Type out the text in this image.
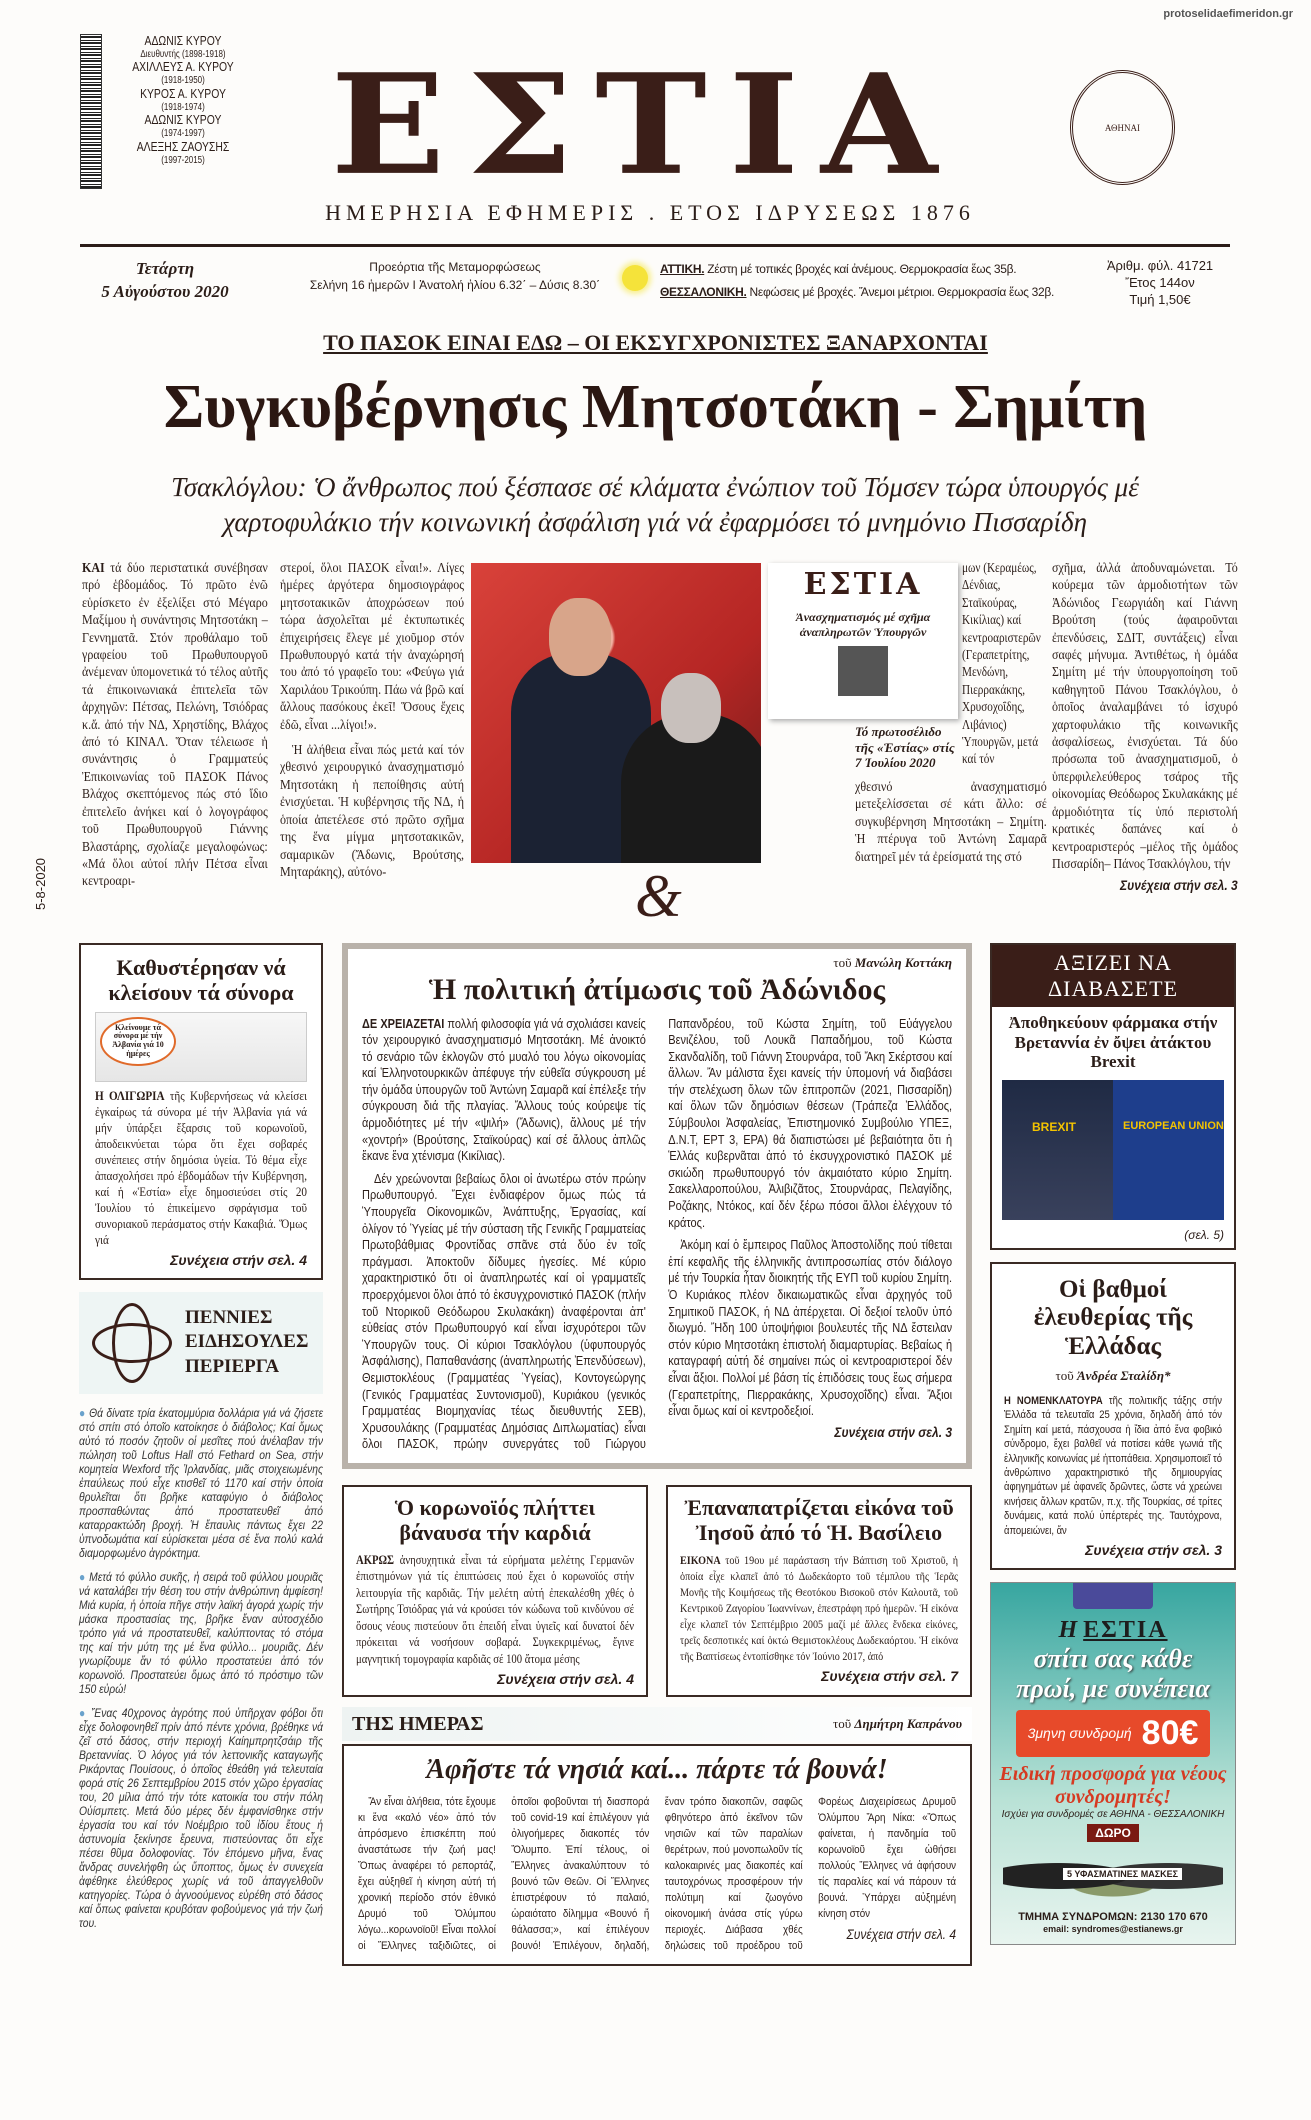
protoselidaefimeridon.gr
ΑΔΩΝΙΣ ΚΥΡΟΥ
Διευθυντής (1898-1918)
ΑΧΙΛΛΕΥΣ Α. ΚΥΡΟΥ
(1918-1950)
ΚΥΡΟΣ Α. ΚΥΡΟΥ
(1918-1974)
ΑΔΩΝΙΣ ΚΥΡΟΥ
(1974-1997)
ΑΛΕΞΗΣ ΖΑΟΥΣΗΣ
(1997-2015) ΕΣΤΙΑ	ΑΘΗΝΑΙ
ΗΜΕΡΗΣΙΑ ΕΦΗΜΕΡΙΣ . ΕΤΟΣ ΙΔΡΥΣΕΩΣ 1876
Τετάρτη
5 Αὐγούστου 2020
Προεόρτια τῆς Μεταμορφώσεως
Σελήνη 16 ἡμερῶν Ι Ἀνατολή ἡλίου 6.32΄ – Δύσις 8.30΄
ΑΤΤΙΚΗ. Ζέστη μέ τοπικές βροχές καί ἀνέμους. Θερμοκρασία ἕως 35β.
ΘΕΣΣΑΛΟΝΙΚΗ. Νεφώσεις μέ βροχές. Ἄνεμοι μέτριοι. Θερμοκρασία ἕως 32β.
Ἀριθμ. φύλ. 41721
Ἔτος 144ον
Τιμή 1,50€
ΤΟ ΠΑΣΟΚ ΕΙΝΑΙ ΕΔΩ – ΟΙ ΕΚΣΥΓΧΡΟΝΙΣΤΕΣ ΞΑΝΑΡΧΟΝΤΑΙ
Συγκυβέρνησις Μητσοτάκη - Σημίτη
Τσακλόγλου: Ὁ ἄνθρωπος πού ξέσπασε σέ κλάματα ἐνώπιον τοῦ Τόμσεν τώρα ὑπουργός μέ χαρτοφυλάκιο τήν κοινωνική ἀσφάλιση γιά νά ἐφαρμόσει τό μνημόνιο Πισσαρίδη
ΚΑΙ τά δύο περιστατικά συνέβησαν πρό ἑβδομάδος. Τό πρῶτο ἐνῶ εὑρίσκετο ἐν ἐξελίξει στό Μέγαρο Μαξίμου ἡ συνάντησις Μητσοτάκη – Γεννηματᾶ. Στόν προθάλαμο τοῦ γραφείου τοῦ Πρωθυπουργοῦ ἀνέμεναν ὑπομονετικά τό τέλος αὐτῆς τά ἐπικοινωνιακά ἐπιτελεῖα τῶν ἀρχηγῶν: Πέτσας, Πελώνη, Τσιόδρας κ.ἄ. ἀπό τήν ΝΔ, Χρηστίδης, Βλάχος ἀπό τό ΚΙΝΑΛ. Ὅταν τέλειωσε ἡ συνάντησις ὁ Γραμματεύς Ἐπικοινωνίας τοῦ ΠΑΣΟΚ Πάνος Βλάχος σκεπτόμενος πώς στό ἴδιο ἐπιτελεῖο ἀνήκει καί ὁ λογογράφος τοῦ Πρωθυπουργοῦ Γιάννης Βλαστάρης, σχολίαζε μεγαλοφώνως: «Μά ὅλοι αὐτοί πλήν Πέτσα εἶναι κεντροαρι-

στεροί, ὅλοι ΠΑΣΟΚ εἶναι!». Λίγες ἡμέρες ἀργότερα δημοσιογράφος μητσοτακικῶν ἀποχρώσεων πού τώρα ἀσχολεῖται μέ ἐκτυπωτικές ἐπιχειρήσεις ἔλεγε μέ χιοῦμορ στόν Πρωθυπουργό κατά τήν ἀναχώρησή του ἀπό τό γραφεῖο του: «Φεύγω γιά Χαριλάου Τρικούπη. Πάω νά βρῶ καί ἄλλους πασόκους ἐκεῖ! Ὅσους ἔχεις ἐδῶ, εἶναι ...λίγοι!».

Ἡ ἀλήθεια εἶναι πώς μετά καί τόν χθεσινό χειρουργικό ἀνασχηματισμό Μητσοτάκη ἡ πεποίθησις αὐτή ἐνισχύεται. Ἡ κυβέρνησις τῆς ΝΔ, ἡ ὁποία ἀπετέλεσε στό πρῶτο σχῆμα της ἕνα μίγμα μητσοτακικῶν, σαμαρικῶν (Ἄδωνις, Βρούτσης, Μηταράκης), αὐτόνο-

ΕΣΤΙΑ
Ἀνασχηματισμός μέ σχῆμα ἀναπληρωτῶν Ὑπουργῶν
Τό πρωτοσέλιδο τῆς «Ἑστίας» στίς 7 Ἰουλίου 2020
μων (Κεραμέως, Δένδιας, Σταϊκούρας, Κικίλιας) καί κεντροαριστερῶν (Γεραπετρίτης, Μενδώνη, Πιερρακάκης, Χρυσοχοΐδης, Λιβάνιος) Ὑπουργῶν, μετά καί τόν
χθεσινό ἀνασχηματισμό μετεξελίσσεται σέ κάτι ἄλλο: σέ συγκυβέρνηση Μητσοτάκη – Σημίτη. Ἡ πτέρυγα τοῦ Ἀντώνη Σαμαρᾶ διατηρεῖ μέν τά ἐρείσματά της στό
σχῆμα, ἀλλά ἀποδυναμώνεται. Τό κούρεμα τῶν ἁρμοδιοτήτων τῶν Ἀδώνιδος Γεωργιάδη καί Γιάννη Βρούτση (τούς ἀφαιροῦνται ἐπενδύσεις, ΣΔΙΤ, συντάξεις) εἶναι σαφές μήνυμα. Ἀντιθέτως, ἡ ὁμάδα Σημίτη μέ τήν ὑπουργοποίηση τοῦ καθηγητοῦ Πάνου Τσακλόγλου, ὁ ὁποῖος ἀναλαμβάνει τό ἰσχυρό χαρτοφυλάκιο τῆς κοινωνικῆς ἀσφαλίσεως, ἐνισχύεται. Τά δύο πρόσωπα τοῦ ἀνασχηματισμοῦ, ὁ ὑπερφιλελεύθερος τσάρος τῆς οἰκονομίας Θεόδωρος Σκυλακάκης μέ ἁρμοδιότητα τίς ὑπό περιστολή κρατικές δαπάνες καί ὁ κεντροαριστερός –μέλος τῆς ὁμάδος Πισσαρίδη– Πάνος Τσακλόγλου, τήν
Συνέχεια στήν σελ. 3
&
5-8-2020
Καθυστέρησαν νά κλείσουν τά σύνορα
Κλείνουμε τά σύνορα μέ τήν Ἀλβανία γιά 10 ἡμέρες
Η ΟΛΙΓΩΡΙΑ τῆς Κυβερνήσεως νά κλείσει ἐγκαίρως τά σύνορα μέ τήν Ἀλβανία γιά νά μήν ὑπάρξει ἔξαρσις τοῦ κορωνοϊοῦ, ἀποδεικνύεται τώρα ὅτι ἔχει σοβαρές συνέπειες στήν δημόσια ὑγεία. Τό θέμα εἶχε ἀπασχολήσει πρό ἑβδομάδων τήν Κυβέρνηση, καί ἡ «Ἑστία» εἶχε δημοσιεύσει στίς 20 Ἰουλίου τό ἐπικείμενο σφράγισμα τοῦ συνοριακοῦ περάσματος στήν Κακαβιά. Ὅμως γιά
Συνέχεια στήν σελ. 4
ΠΕΝΝΙΕΣ
ΕΙΔΗΣΟΥΛΕΣ
ΠΕΡΙΕΡΓΑ

● Θά δίνατε τρία ἑκατομμύρια δολλάρια γιά νά ζήσετε στό σπίτι στό ὁποῖο κατοίκησε ὁ διάβολος; Καί ὅμως αὐτό τό ποσόν ζητοῦν οἱ μεσῖτες πού ἀνέλαβαν τήν πώληση τοῦ Loftus Hall στό Fethard on Sea, στήν κομητεία Wexford τῆς Ἰρλανδίας, μιᾶς στοιχειωμένης ἐπαύλεως πού εἶχε κτισθεῖ τό 1170 καί στήν ὁποία θρυλεῖται ὅτι βρῆκε καταφύγιο ὁ διάβολος προσπαθώντας ἀπό προστατευθεῖ ἀπό καταρρακτώδη βροχή. Ἡ ἔπαυλις πάντως ἔχει 22 ὑπνοδωμάτια καί εὑρίσκεται μέσα σέ ἕνα πολύ καλά διαμορφωμένο ἀγρόκτημα.

● Μετά τό φύλλο συκῆς, ἡ σειρά τοῦ φύλλου μουριᾶς νά καταλάβει τήν θέση του στήν ἀνθρώπινη ἀμφίεση! Μιά κυρία, ἡ ὁποία πῆγε στήν λαϊκή ἀγορά χωρίς τήν μάσκα προστασίας της, βρῆκε ἕναν αὐτοσχέδιο τρόπο γιά νά προστατευθεῖ, καλύπτοντας τό στόμα της καί τήν μύτη της μέ ἕνα φύλλο... μουριᾶς. Δέν γνωρίζουμε ἄν τό φύλλο προστατεύει ἀπό τόν κορωνοϊό. Προστατεύει ὅμως ἀπό τό πρόστιμο τῶν 150 εὐρώ!

● Ἕνας 40χρονος ἀγρότης πού ὑπῆρχαν φόβοι ὅτι εἶχε δολοφονηθεῖ πρίν ἀπό πέντε χρόνια, βρέθηκε νά ζεῖ στό δάσος, στήν περιοχή Καίημπρητζσάιρ τῆς Βρεταννίας. Ὁ λόγος γιά τόν λεττονικῆς καταγωγῆς Ρικάρντας Πουίσους, ὁ ὁποῖος ἐθεάθη γιά τελευταία φορά στίς 26 Σεπτεμβρίου 2015 στόν χῶρο ἐργασίας του, 20 μίλια ἀπό τήν τότε κατοικία του στήν πόλη Οὐίσμπετς. Μετά δύο μέρες δέν ἐμφανίσθηκε στήν ἐργασία του καί τόν Νοέμβριο τοῦ ἰδίου ἔτους ἡ ἀστυνομία ξεκίνησε ἔρευνα, πιστεύοντας ὅτι εἶχε πέσει θῦμα δολοφονίας. Τόν ἑπόμενο μῆνα, ἕνας ἄνδρας συνελήφθη ὡς ὕποπτος, ὅμως ἐν συνεχεία ἀφέθηκε ἐλεύθερος χωρίς νά τοῦ ἀπαγγελθοῦν κατηγορίες. Τώρα ὁ ἀγνοούμενος εὑρέθη στό δάσος καί ὅπως φαίνεται κρυβόταν φοβούμενος γιά τήν ζωή του.

τοῦ Μανώλη Κοττάκη
Ἡ πολιτική ἀτίμωσις τοῦ Ἀδώνιδος

ΔΕ ΧΡΕΙΑΖΕΤΑΙ πολλή φιλοσοφία γιά νά σχολιάσει κανείς τόν χειρουργικό ἀνασχηματισμό Μητσοτάκη. Μέ ἀνοικτό τό σενάριο τῶν ἐκλογῶν στό μυαλό του λόγω οἰκονομίας καί Ἑλληνοτουρκικῶν ἀπέφυγε τήν εὐθεῖα σύγκρουση μέ τήν ὁμάδα ὑπουργῶν τοῦ Ἀντώνη Σαμαρᾶ καί ἐπέλεξε τήν σύγκρουση διά τῆς πλαγίας. Ἄλλους τούς κούρεψε τίς ἁρμοδιότητες μέ τήν «ψιλή» (Ἄδωνις), ἄλλους μέ τήν «χοντρή» (Βρούτσης, Σταϊκούρας) καί σέ ἄλλους ἁπλῶς ἔκανε ἕνα χτένισμα (Κικίλιας).

Δέν χρεώνονται βεβαίως ὅλοι οἱ ἀνωτέρω στόν πρώην Πρωθυπουργό. Ἔχει ἐνδιαφέρον ὅμως πώς τά Ὑπουργεῖα Οἰκονομικῶν, Ἀνάπτυξης, Ἐργασίας, καί ὀλίγον τό Ὑγείας μέ τήν σύσταση τῆς Γενικῆς Γραμματείας Πρωτοβάθμιας Φροντίδας σπᾶνε στά δύο ἐν τοῖς πράγμασι. Ἀποκτοῦν δίδυμες ἡγεσίες. Μέ κύριο χαρακτηριστικό ὅτι οἱ ἀναπληρωτές καί οἱ γραμματεῖς προερχόμενοι ὅλοι ἀπό τό ἐκσυγχρονιστικό ΠΑΣΟΚ (πλήν τοῦ Ντορικοῦ Θεόδωρου Σκυλακάκη) ἀναφέρονται ἀπ' εὐθείας στόν Πρωθυπουργό καί εἶναι ἰσχυρότεροι τῶν Ὑπουργῶν τους. Οἱ κύριοι Τσακλόγλου (ὑφυπουργός Ἀσφάλισης), Παπαθανάσης (ἀναπληρωτής Ἐπενδύσεων), Θεμιστοκλέους (Γραμματέας Ὑγείας), Κοντογεώργης (Γενικός Γραμματέας Συντονισμοῦ), Κυριάκου (γενικός Γραμματέας Βιομηχανίας τέως διευθυντής ΣΕΒ), Χρυσουλάκης (Γραμματέας Δημόσιας Διπλωματίας) εἶναι ὅλοι ΠΑΣΟΚ, πρώην συνεργάτες τοῦ Γιώργου Παπανδρέου, τοῦ Κώστα Σημίτη, τοῦ Εὐάγγελου Βενιζέλου, τοῦ Λουκᾶ Παπαδήμου, τοῦ Κώστα Σκανδαλίδη, τοῦ Γιάννη Στουρνάρα, τοῦ Ἄκη Σκέρτσου καί ἄλλων. Ἄν μάλιστα ἔχει κανείς τήν ὑπομονή νά διαβάσει τήν στελέχωση ὅλων τῶν ἐπιτροπῶν (2021, Πισσαρίδη) καί ὅλων τῶν δημόσιων θέσεων (Τράπεζα Ἑλλάδος, Σύμβουλοι Ἀσφαλείας, Ἐπιστημονικό Συμβούλιο ΥΠΕΞ, Δ.Ν.Τ, ΕΡΤ 3, ΕΡΑ) θά διαπιστώσει μέ βεβαιότητα ὅτι ἡ Ἑλλάς κυβερνᾶται ἀπό τό ἐκσυγχρονιστικό ΠΑΣΟΚ μέ σκιώδη πρωθυπουργό τόν ἀκμαιότατο κύριο Σημίτη. Σακελλαροπούλου, Ἀλιβιζᾶτος, Στουρνάρας, Πελαγίδης, Ροζάκης, Ντόκος, καί δέν ξέρω πόσοι ἄλλοι ἐλέγχουν τό κράτος.

Ἀκόμη καί ὁ ἔμπειρος Παῦλος Ἀποστολίδης πού τίθεται ἐπί κεφαλῆς τῆς ἑλληνικῆς ἀντιπροσωπίας στόν διάλογο μέ τήν Τουρκία ἦταν διοικητής τῆς ΕΥΠ τοῦ κυρίου Σημίτη. Ὁ Κυριάκος πλέον δικαιωματικῶς εἶναι ἀρχηγός τοῦ Σημιτικοῦ ΠΑΣΟΚ, ἡ ΝΔ ἀπέρχεται. Οἱ δεξιοί τελοῦν ὑπό διωγμό. Ἤδη 100 ὑποψήφιοι βουλευτές τῆς ΝΔ ἔστειλαν στόν κύριο Μητσοτάκη ἐπιστολή διαμαρτυρίας. Βεβαίως ἡ καταγραφή αὐτή δέ σημαίνει πώς οἱ κεντροαριστεροί δέν εἶναι ἄξιοι. Πολλοί μέ βάση τίς ἐπιδόσεις τους ἕως σήμερα (Γεραπετρίτης, Πιερρακάκης, Χρυσοχοΐδης) εἶναι. Ἄξιοι εἶναι ὅμως καί οἱ κεντροδεξιοί.

Συνέχεια στήν σελ. 3
Ὁ κορωνοϊός πλήττει βάναυσα τήν καρδιά
ΑΚΡΩΣ ἀνησυχητικά εἶναι τά εὑρήματα μελέτης Γερμανῶν ἐπιστημόνων γιά τίς ἐπιπτώσεις πού ἔχει ὁ κορωνοϊός στήν λειτουργία τῆς καρδιᾶς. Τήν μελέτη αὐτή ἐπεκαλέσθη χθές ὁ Σωτήρης Τσιόδρας γιά νά κρούσει τόν κώδωνα τοῦ κινδύνου σέ ὅσους νέους πιστεύουν ὅτι ἐπειδή εἶναι ὑγιεῖς καί δυνατοί δέν πρόκειται νά νοσήσουν σοβαρά. Συγκεκριμένως, ἔγινε μαγνητική τομογραφία καρδιᾶς σέ 100 ἄτομα μέσης
Συνέχεια στήν σελ. 4
Ἐπαναπατρίζεται εἰκόνα τοῦ Ἰησοῦ ἀπό τό Ἡ. Βασίλειο
ΕΙΚΟΝΑ τοῦ 19ου μέ παράσταση τήν Βάπτιση τοῦ Χριστοῦ, ἡ ὁποία εἶχε κλαπεῖ ἀπό τό Δωδεκάορτο τοῦ τέμπλου τῆς Ἱερᾶς Μονῆς τῆς Κοιμήσεως τῆς Θεοτόκου Βισοκοῦ στόν Καλουτᾶ, τοῦ Κεντρικοῦ Ζαγορίου Ἰωαννίνων, ἐπεστράφη πρό ἡμερῶν. Ἡ εἰκόνα εἶχε κλαπεῖ τόν Σεπτέμβριο 2005 μαζί μέ ἄλλες ἕνδεκα εἰκόνες, τρεῖς δεσποτικές καί ὀκτώ Θεμιστοκλέους Δωδεκαόρτου. Ἡ εἰκόνα τῆς Βαπτίσεως ἐντοπίσθηκε τόν Ἰούνιο 2017, ἀπό
Συνέχεια στήν σελ. 7
ΤΗΣ ΗΜΕΡΑΣ	τοῦ Δημήτρη Καπράνου
Ἀφῆστε τά νησιά καί... πάρτε τά βουνά!
Ἄν εἶναι ἀλήθεια, τότε ἔχουμε κι ἕνα «καλό νέο» ἀπό τόν ἀπρόσμενο ἐπισκέπτη πού ἀναστάτωσε τήν ζωή μας! Ὅπως ἀναφέρει τό ρεπορτάζ, ἔχει αὐξηθεῖ ἡ κίνηση αὐτή τή χρονική περίοδο στόν ἐθνικό Δρυμό τοῦ Ὀλύμπου λόγω...κορωνοϊοῦ! Εἶναι πολλοί οἱ Ἕλληνες ταξιδιῶτες, οἱ ὁποῖοι φοβοῦνται τή διασπορά τοῦ covid-19 καί ἐπιλέγουν γιά ὀλιγοήμερες διακοπές τόν Ὄλυμπο. Ἐπί τέλους, οἱ Ἕλληνες ἀνακαλύπτουν τό βουνό τῶν Θεῶν. Οἱ Ἕλληνες ἐπιστρέφουν τό παλαιό, ὡραιότατο δίλημμα «Βουνό ἤ θάλασσα;», καί ἐπιλέγουν βουνό! Ἐπιλέγουν, δηλαδή, ἕναν τρόπο διακοπῶν, σαφῶς φθηνότερο ἀπό ἐκεῖνον τῶν νησιῶν καί τῶν παραλίων θερέτρων, πού μονοπωλοῦν τίς καλοκαιρινές μας διακοπές καί ταυτοχρόνως προσφέρουν τήν πολύτιμη καί ζωογόνο οἰκονομική ἀνάσα στίς γύρω περιοχές. Διάβασα χθές δηλώσεις τοῦ προέδρου τοῦ Φορέως Διαχειρίσεως Δρυμοῦ Ὀλύμπου Ἄρη Νίκα: «Ὅπως φαίνεται, ἡ πανδημία τοῦ κορωνοϊοῦ ἔχει ὠθήσει πολλούς Ἕλληνες νά ἀφήσουν τίς παραλίες καί νά πάρουν τά βουνά. Ὑπάρχει αὐξημένη κίνηση στόν
Συνέχεια στήν σελ. 4
ΑΞΙΖΕΙ ΝΑ ΔΙΑΒΑΣΕΤΕ
Ἀποθηκεύουν φάρμακα στήν Βρεταννία ἐν ὄψει ἀτάκτου Brexit
BREXIT	EUROPEAN UNION
(σελ. 5)
Οἱ βαθμοί ἐλευθερίας τῆς Ἑλλάδας
τοῦ Ἀνδρέα Σταλίδη*
Η ΝΟΜΕΝΚΛΑΤΟΥΡΑ τῆς πολιτικῆς τάξης στήν Ἑλλάδα τά τελευταῖα 25 χρόνια, δηλαδή ἀπό τόν Σημίτη καί μετά, πάσχουσα ἡ ἴδια ἀπό ἕνα φοβικό σύνδρομο, ἔχει βαλθεῖ νά ποτίσει κάθε γωνιά τῆς ἑλληνικῆς κοινωνίας μέ ἡττοπάθεια. Χρησιμοποιεῖ τό ἀνθρώπινο χαρακτηριστικό τῆς δημιουργίας ἀφηγημάτων μέ ἀφανεῖς δρῶντες, ὥστε νά χρεώνει κινήσεις ἄλλων κρατῶν, π.χ. τῆς Τουρκίας, σέ τρίτες δυνάμεις, κατά πολύ ὑπέρτερές της. Ταυτόχρονα, ἀπομειώνει, ἄν
Συνέχεια στήν σελ. 3
Η ΕΣΤΙΑ
σπίτι σας κάθε
πρωί, με συνέπεια
3μηνη συνδρομή 80€
Ειδική προσφορά για νέους συνδρομητές!
Ισχύει για συνδρομές σε ΑΘΗΝΑ - ΘΕΣΣΑΛΟΝΙΚΗ
ΔΩΡΟ
5 ΥΦΑΣΜΑΤΙΝΕΣ ΜΑΣΚΕΣ
ΤΜΗΜΑ ΣΥΝΔΡΟΜΩΝ: 2130 170 670
email: syndromes@estianews.gr
